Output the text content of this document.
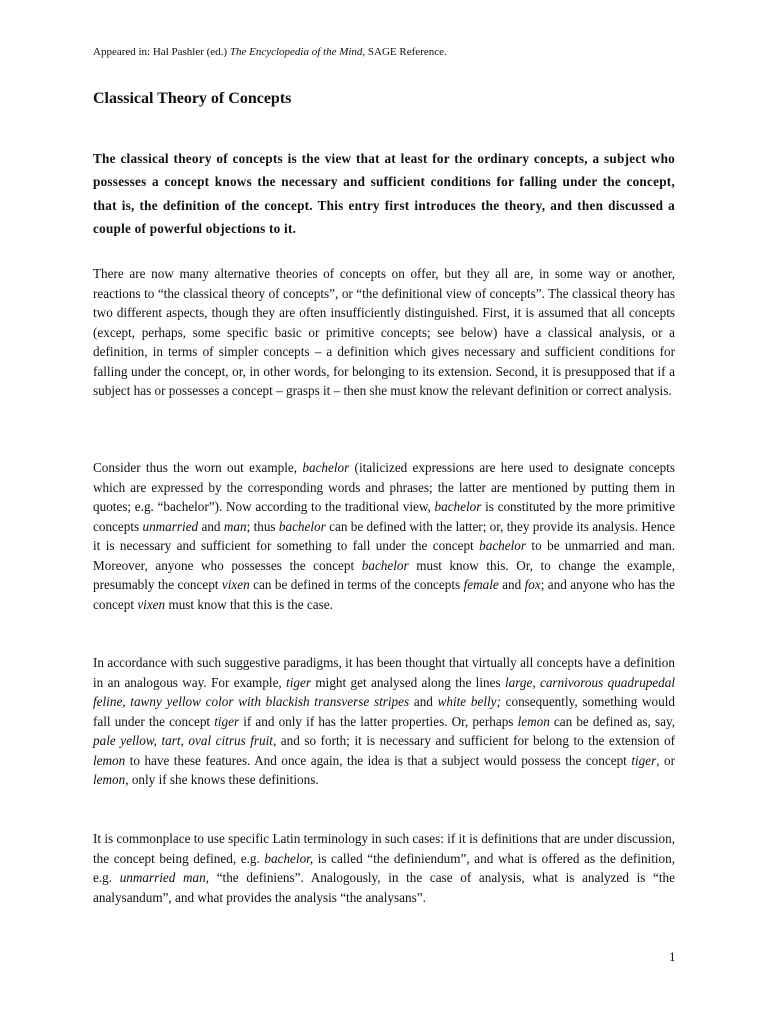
Appeared in: Hal Pashler (ed.) The Encyclopedia of the Mind, SAGE Reference.
Classical Theory of Concepts

The classical theory of concepts is the view that at least for the ordinary concepts, a subject who possesses a concept knows the necessary and sufficient conditions for falling under the concept, that is, the definition of the concept. This entry first introduces the theory, and then discussed a couple of powerful objections to it.

There are now many alternative theories of concepts on offer, but they all are, in some way or another, reactions to “the classical theory of concepts”, or “the definitional view of concepts”. The classical theory has two different aspects, though they are often insufficiently distinguished. First, it is assumed that all concepts (except, perhaps, some specific basic or primitive concepts; see below) have a classical analysis, or a definition, in terms of simpler concepts – a definition which gives necessary and sufficient conditions for falling under the concept, or, in other words, for belonging to its extension. Second, it is presupposed that if a subject has or possesses a concept – grasps it – then she must know the relevant definition or correct analysis.

Consider thus the worn out example, bachelor (italicized expressions are here used to designate concepts which are expressed by the corresponding words and phrases; the latter are mentioned by putting them in quotes; e.g. “bachelor”). Now according to the traditional view, bachelor is constituted by the more primitive concepts unmarried and man; thus bachelor can be defined with the latter; or, they provide its analysis. Hence it is necessary and sufficient for something to fall under the concept bachelor to be unmarried and man. Moreover, anyone who possesses the concept bachelor must know this. Or, to change the example, presumably the concept vixen can be defined in terms of the concepts female and fox; and anyone who has the concept vixen must know that this is the case.

In accordance with such suggestive paradigms, it has been thought that virtually all concepts have a definition in an analogous way. For example, tiger might get analysed along the lines large, carnivorous quadrupedal feline, tawny yellow color with blackish transverse stripes and white belly; consequently, something would fall under the concept tiger if and only if has the latter properties. Or, perhaps lemon can be defined as, say, pale yellow, tart, oval citrus fruit, and so forth; it is necessary and sufficient for belong to the extension of lemon to have these features. And once again, the idea is that a subject would possess the concept tiger, or lemon, only if she knows these definitions.

It is commonplace to use specific Latin terminology in such cases: if it is definitions that are under discussion, the concept being defined, e.g. bachelor, is called “the definiendum”, and what is offered as the definition, e.g. unmarried man, “the definiens”. Analogously, in the case of analysis, what is analyzed is “the analysandum”, and what provides the analysis “the analysans”.

1
